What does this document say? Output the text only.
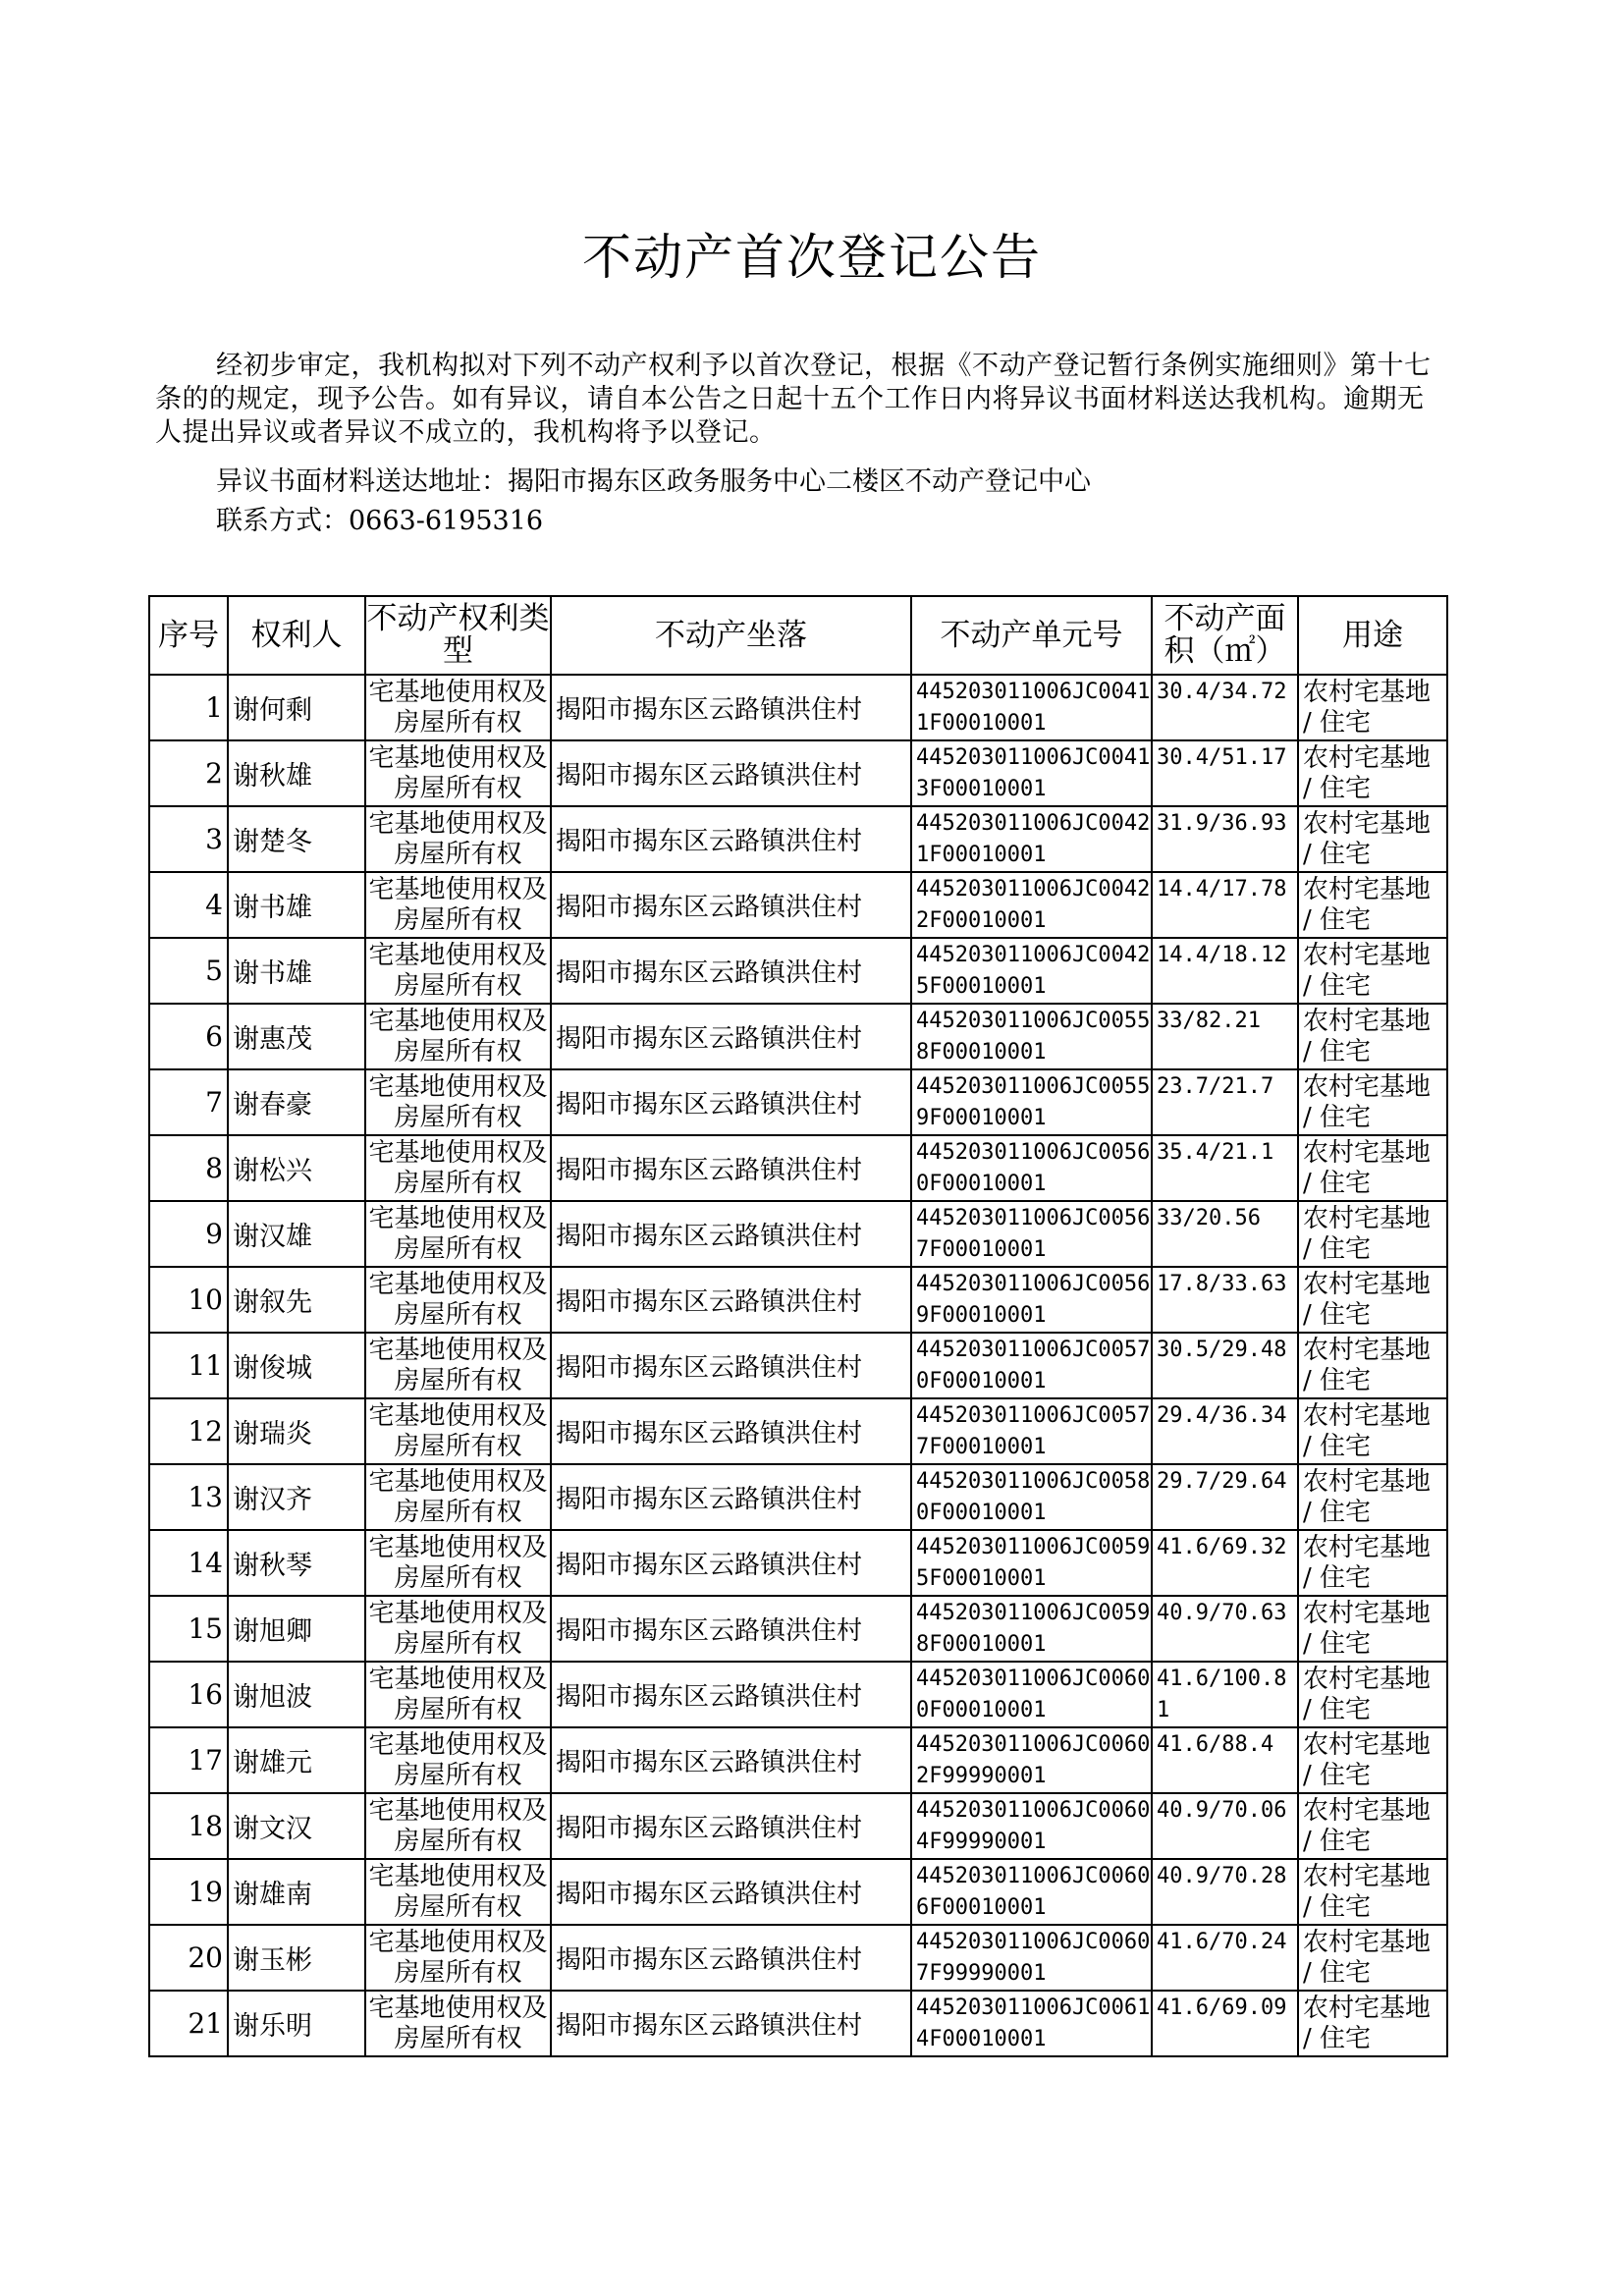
不动产首次登记公告
经初步审定，我机构拟对下列不动产权利予以首次登记，根据《不动产登记暂行条例实施细则》第十七条的的规定，现予公告。如有异议，请自本公告之日起十五个工作日内将异议书面材料送达我机构。逾期无人提出异议或者异议不成立的，我机构将予以登记。
异议书面材料送达地址：揭阳市揭东区政务服务中心二楼区不动产登记中心
联系方式：0663-6195316
序号	权利人	不动产权利类型	不动产坐落	不动产单元号	不动产面积（㎡）	用途
1	谢何剩	宅基地使用权及房屋所有权	揭阳市揭东区云路镇洪住村	445203011006JC00411F00010001	30.4/34.72	农村宅基地 / 住宅
2	谢秋雄	宅基地使用权及房屋所有权	揭阳市揭东区云路镇洪住村	445203011006JC00413F00010001	30.4/51.17	农村宅基地 / 住宅
3	谢楚冬	宅基地使用权及房屋所有权	揭阳市揭东区云路镇洪住村	445203011006JC00421F00010001	31.9/36.93	农村宅基地 / 住宅
4	谢书雄	宅基地使用权及房屋所有权	揭阳市揭东区云路镇洪住村	445203011006JC00422F00010001	14.4/17.78	农村宅基地 / 住宅
5	谢书雄	宅基地使用权及房屋所有权	揭阳市揭东区云路镇洪住村	445203011006JC00425F00010001	14.4/18.12	农村宅基地 / 住宅
6	谢惠茂	宅基地使用权及房屋所有权	揭阳市揭东区云路镇洪住村	445203011006JC00558F00010001	33/82.21	农村宅基地 / 住宅
7	谢春豪	宅基地使用权及房屋所有权	揭阳市揭东区云路镇洪住村	445203011006JC00559F00010001	23.7/21.7	农村宅基地 / 住宅
8	谢松兴	宅基地使用权及房屋所有权	揭阳市揭东区云路镇洪住村	445203011006JC00560F00010001	35.4/21.1	农村宅基地 / 住宅
9	谢汉雄	宅基地使用权及房屋所有权	揭阳市揭东区云路镇洪住村	445203011006JC00567F00010001	33/20.56	农村宅基地 / 住宅
10	谢叙先	宅基地使用权及房屋所有权	揭阳市揭东区云路镇洪住村	445203011006JC00569F00010001	17.8/33.63	农村宅基地 / 住宅
11	谢俊城	宅基地使用权及房屋所有权	揭阳市揭东区云路镇洪住村	445203011006JC00570F00010001	30.5/29.48	农村宅基地 / 住宅
12	谢瑞炎	宅基地使用权及房屋所有权	揭阳市揭东区云路镇洪住村	445203011006JC00577F00010001	29.4/36.34	农村宅基地 / 住宅
13	谢汉齐	宅基地使用权及房屋所有权	揭阳市揭东区云路镇洪住村	445203011006JC00580F00010001	29.7/29.64	农村宅基地 / 住宅
14	谢秋琴	宅基地使用权及房屋所有权	揭阳市揭东区云路镇洪住村	445203011006JC00595F00010001	41.6/69.32	农村宅基地 / 住宅
15	谢旭卿	宅基地使用权及房屋所有权	揭阳市揭东区云路镇洪住村	445203011006JC00598F00010001	40.9/70.63	农村宅基地 / 住宅
16	谢旭波	宅基地使用权及房屋所有权	揭阳市揭东区云路镇洪住村	445203011006JC00600F00010001	41.6/100.81	农村宅基地 / 住宅
17	谢雄元	宅基地使用权及房屋所有权	揭阳市揭东区云路镇洪住村	445203011006JC00602F99990001	41.6/88.4	农村宅基地 / 住宅
18	谢文汉	宅基地使用权及房屋所有权	揭阳市揭东区云路镇洪住村	445203011006JC00604F99990001	40.9/70.06	农村宅基地 / 住宅
19	谢雄南	宅基地使用权及房屋所有权	揭阳市揭东区云路镇洪住村	445203011006JC00606F00010001	40.9/70.28	农村宅基地 / 住宅
20	谢玉彬	宅基地使用权及房屋所有权	揭阳市揭东区云路镇洪住村	445203011006JC00607F99990001	41.6/70.24	农村宅基地 / 住宅
21	谢乐明	宅基地使用权及房屋所有权	揭阳市揭东区云路镇洪住村	445203011006JC00614F00010001	41.6/69.09	农村宅基地 / 住宅
